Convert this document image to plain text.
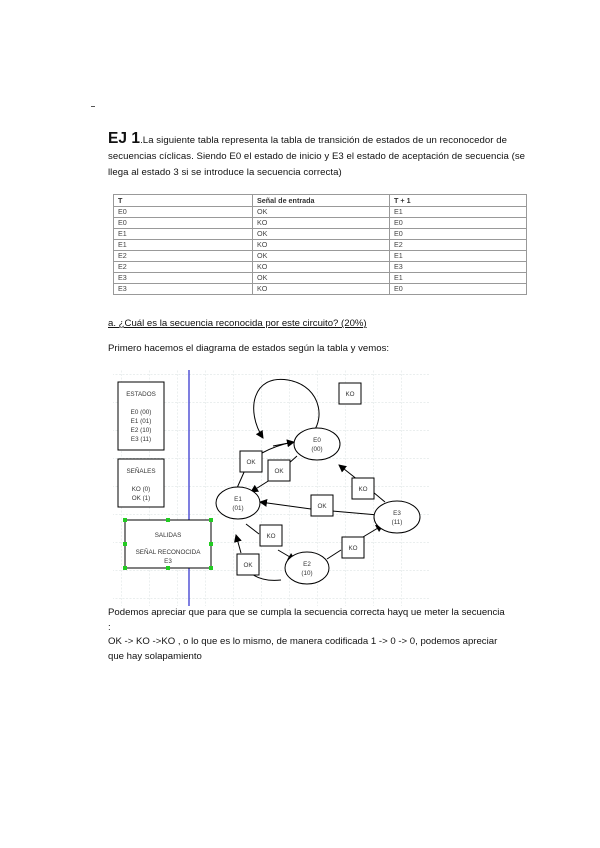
EJ 1.La siguiente tabla representa la tabla de transición de estados de un reconocedor de secuencias cíclicas. Siendo E0 el estado de inicio y E3 el estado de aceptación de secuencia (se llega al estado 3 si se introduce la secuencia correcta)
T	Señal de entrada	T + 1
E0	OK	E1
E0	KO	E0
E1	OK	E0
E1	KO	E2
E2	OK	E1
E2	KO	E3
E3	OK	E1
E3	KO	E0
a. ¿Cuál es la secuencia reconocida por este circuito? (20%)
Primero hacemos el diagrama de estados según la tabla y vemos:
ESTADOS
E0 (00)
E1 (01)
E2 (10)
E3 (11)
SEÑALES
KO (0)
OK (1)
SALIDAS
SEÑAL RECONOCIDA
E3
E0
(00)
E1
(01)
E2
(10)
E3
(11)
KO
OK
OK
KO
OK
KO
KO
OK
Podemos apreciar que para que se cumpla la secuencia correcta hayq ue meter la secuencia
:
OK -> KO ->KO , o lo que es lo mismo, de manera codificada 1 -> 0 -> 0, podemos apreciar
que hay solapamiento
